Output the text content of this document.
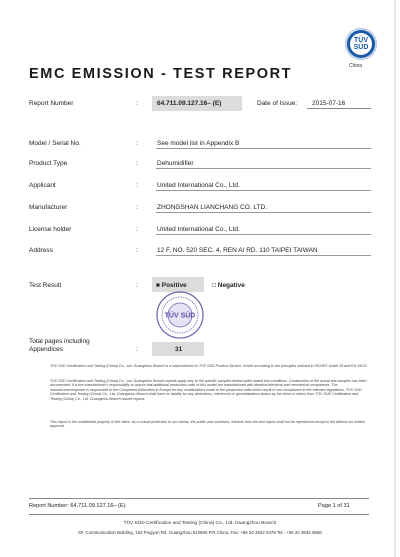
TÜV SÜD
China
EMC EMISSION - TEST REPORT
Report Number	:	64.711.09.127.16– (E)	Date of Issue: 2015-07-16
Model / Serial No.	:	See model list in Appendix B
Product Type	:	Dehumidifier
Applicant	:	United International Co., Ltd.
Manufacturer	:	ZHONGSHAN LIANCHANG CO. LTD.
License holder	:	United International Co., Ltd.
Address	:	12 F, NO. 520 SEC. 4, REN AI RD. 110 TAIPEI TAIWAN
Test Result	:	■ Positive	□ Negative
TÜV SÜD
Total pages including
Appendices	:	31
TÜV SÜD Certification and Testing (China) Co., Ltd. Guangzhou Branch is a subcontractor to TÜV SÜD Product Service, GmbH according to the principles outlined in ISO/IEC Guide 28 and EN 45011.
TÜV SÜD Certification and Testing (China) Co., Ltd. Guangzhou Branch reports apply only to the specific samples tested under stated test conditions. Construction of the actual test samples has been documented. It is the manufacturer's responsibility to assure that additional production units of this model are manufactured with identical electrical and mechanical components. The manufacturer/importer is responsible to the Competent Authorities in Europe for any modifications made to the production units which result in non-compliance to the relevant regulations. TÜV SÜD Certification and Testing (China) Co., Ltd. Guangzhou Branch shall have no liability for any deductions, inferences or generalizations drawn by the client or others from TÜV SÜD Certification and Testing (China) Co., Ltd. Guangzhou Branch issued reports.
This report is the confidential property of the client. As a mutual protection to our clients, the public and ourselves, extracts from the test report shall not be reproduced except in full without our written approval.
Report Number: 64.711.09.127.16– (E)	Page 1 of 31
TÜV SÜD Certification and Testing (China) Co., Ltd. Guangzhou Branch
5F, Communication Building, 163 Pingyun Rd. Guangzhou 510665 P.R.China, Fax: +86 20 3832 0478 Tel.: +86 20 3832 0666
